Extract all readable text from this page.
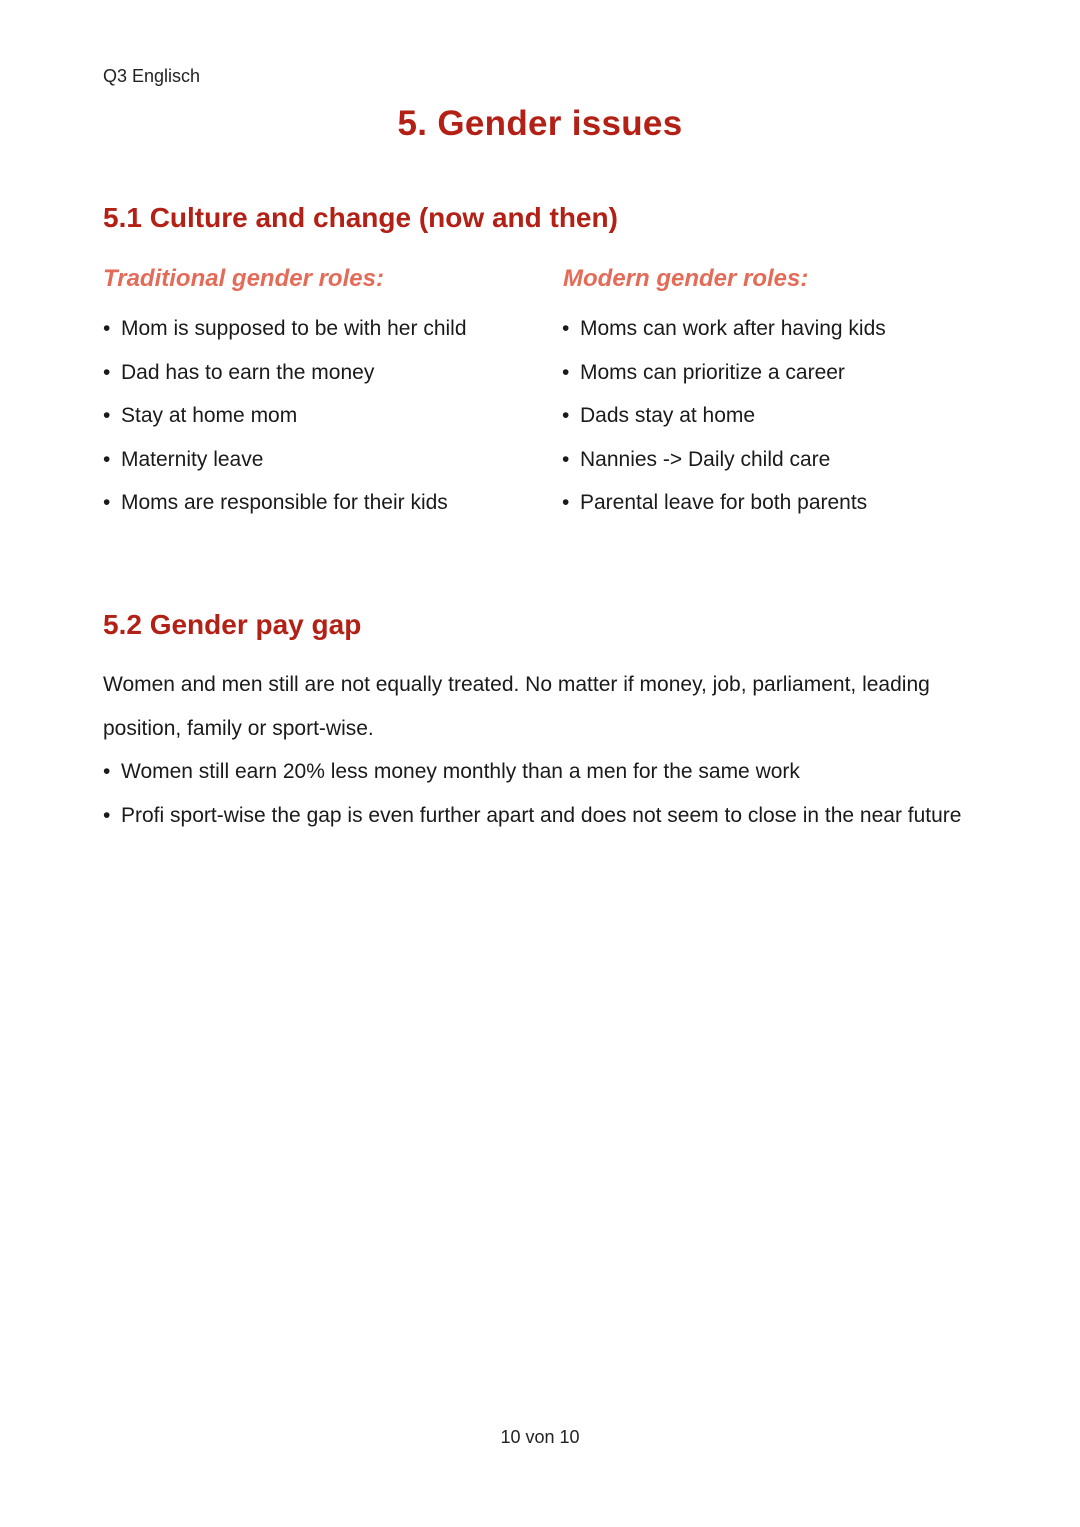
Q3 Englisch
5. Gender issues
5.1 Culture and change (now and then)
Traditional gender roles:	Modern gender roles:
• Mom is supposed to be with her child
• Dad has to earn the money
• Stay at home mom
• Maternity leave
• Moms are responsible for their kids
• Moms can work after having kids
• Moms can prioritize a career
• Dads stay at home
• Nannies -> Daily child care
• Parental leave for both parents
5.2 Gender pay gap

Women and men still are not equally treated. No matter if money, job, parliament, leading position, family or sport-wise.

• Women still earn 20% less money monthly than a men for the same work
• Profi sport-wise the gap is even further apart and does not seem to close in the near future
10 von 10
